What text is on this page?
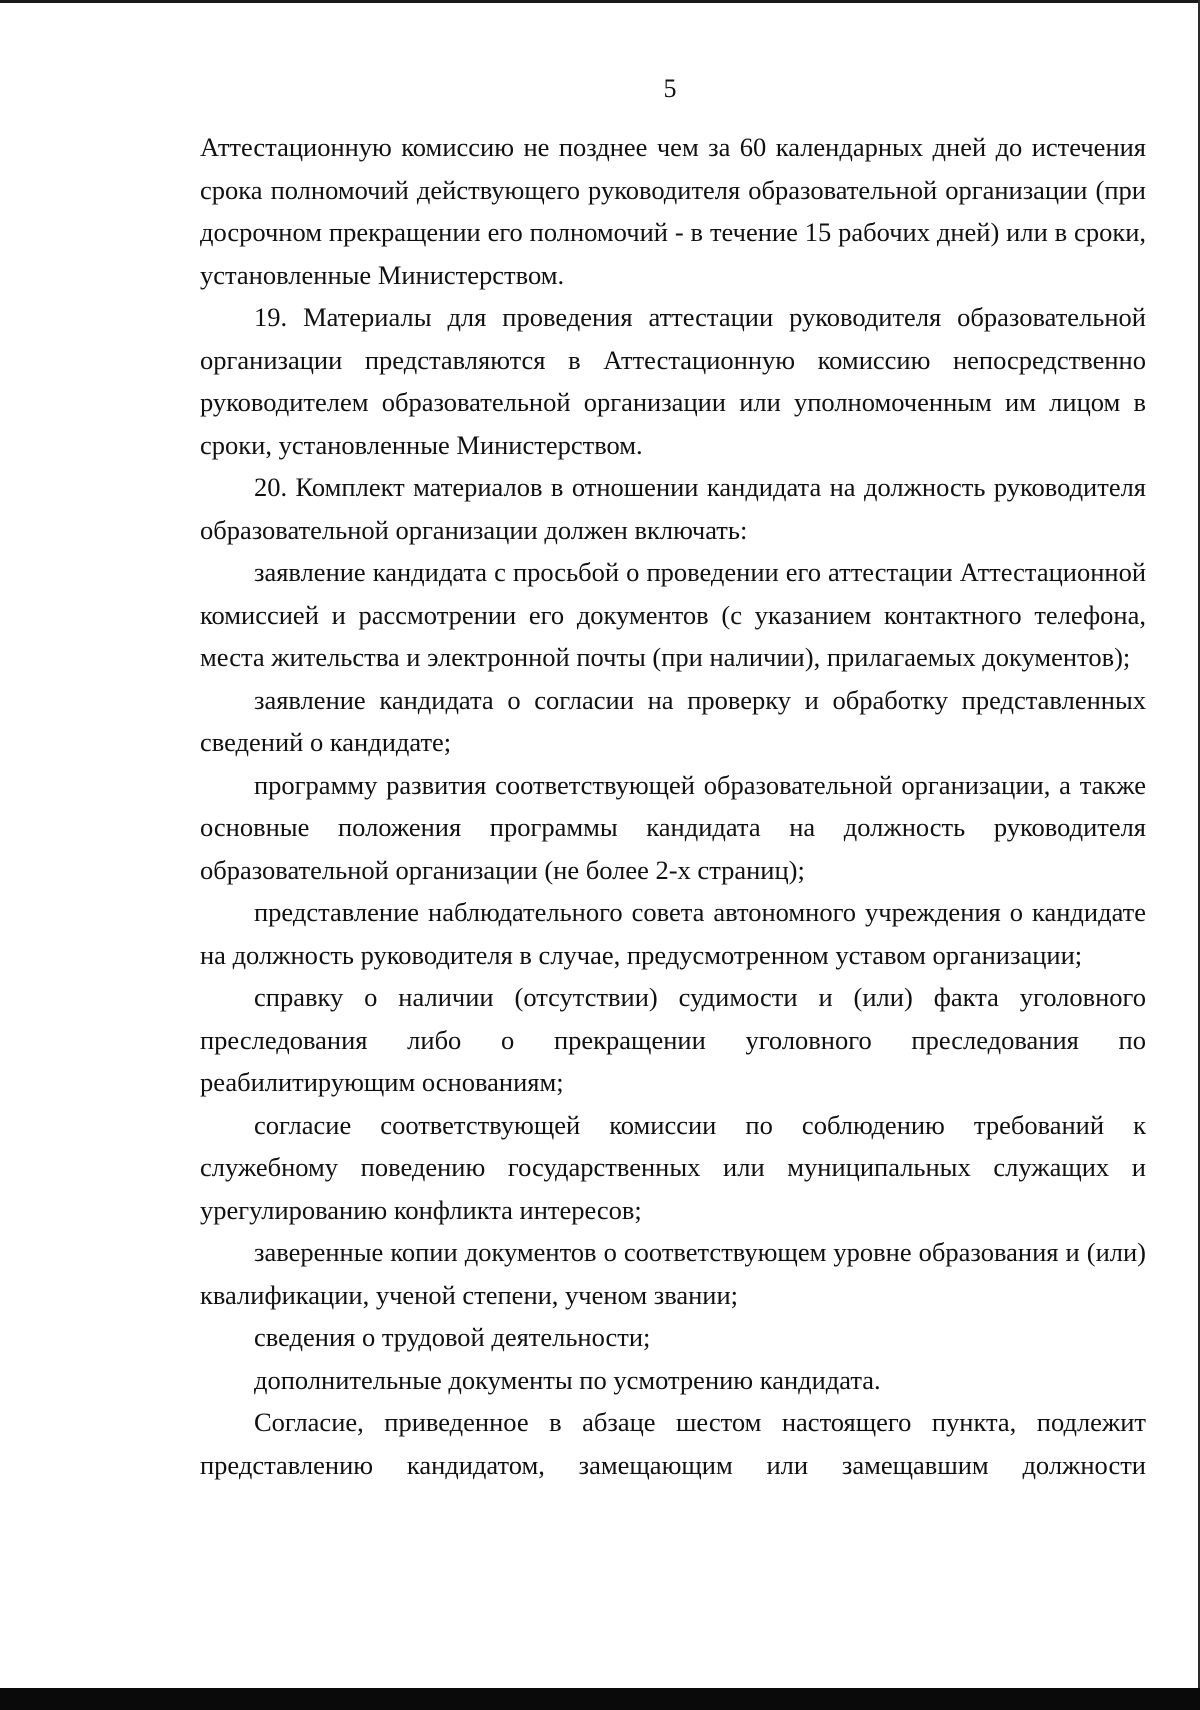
5

Аттестационную комиссию не позднее чем за 60 календарных дней до истечения срока полномочий действующего руководителя образовательной организации (при досрочном прекращении его полномочий - в течение 15 рабочих дней) или в сроки, установленные Министерством.

19. Материалы для проведения аттестации руководителя образовательной организации представляются в Аттестационную комиссию непосредственно руководителем образовательной организации или уполномоченным им лицом в сроки, установленные Министерством.

20. Комплект материалов в отношении кандидата на должность руководителя образовательной организации должен включать:

заявление кандидата с просьбой о проведении его аттестации Аттестационной комиссией и рассмотрении его документов (с указанием контактного телефона, места жительства и электронной почты (при наличии), прилагаемых документов);

заявление кандидата о согласии на проверку и обработку представленных сведений о кандидате;

программу развития соответствующей образовательной организации, а также основные положения программы кандидата на должность руководителя образовательной организации (не более 2-х страниц);

представление наблюдательного совета автономного учреждения о кандидате на должность руководителя в случае, предусмотренном уставом организации;

справку о наличии (отсутствии) судимости и (или) факта уголовного преследования либо о прекращении уголовного преследования по реабилитирующим основаниям;

согласие соответствующей комиссии по соблюдению требований к служебному поведению государственных или муниципальных служащих и урегулированию конфликта интересов;

заверенные копии документов о соответствующем уровне образования и (или) квалификации, ученой степени, ученом звании;

сведения о трудовой деятельности;

дополнительные документы по усмотрению кандидата.

Согласие, приведенное в абзаце шестом настоящего пункта, подлежит представлению кандидатом, замещающим или замещавшим должности
